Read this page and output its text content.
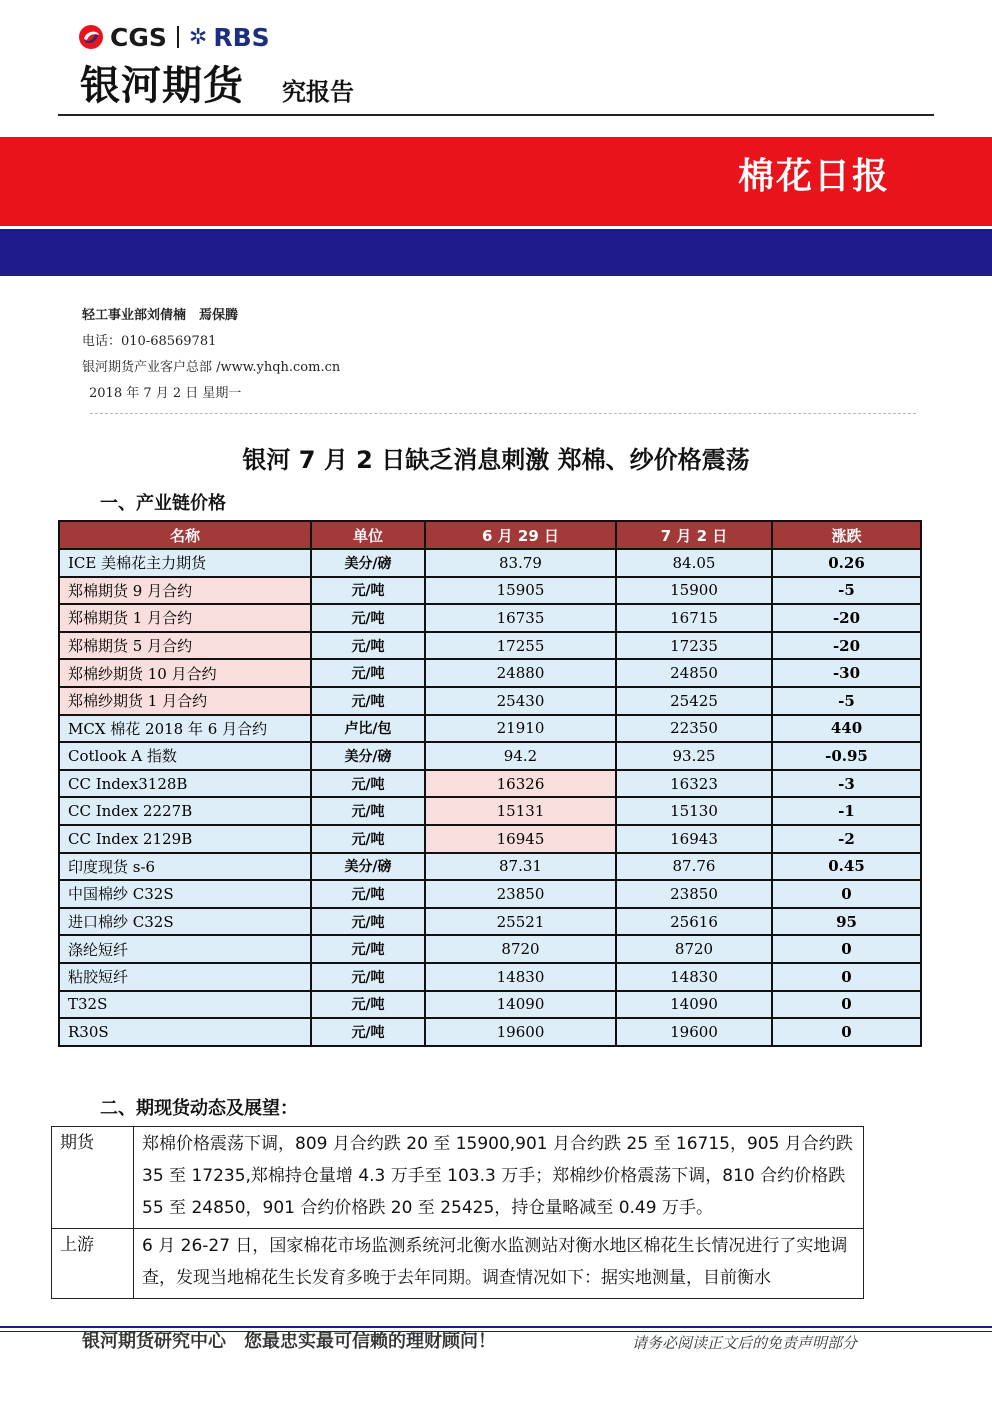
CGS ✲ RBS
银河期货 究报告
棉花日报
轻工事业部刘倩楠　焉保腾
电话：010-68569781
银河期货产业客户总部 /www.yhqh.com.cn
2018 年 7 月 2 日 星期一
银河 7 月 2 日缺乏消息刺激 郑棉、纱价格震荡
一、产业链价格
名称	单位	6 月 29 日	7 月 2 日	涨跌
ICE 美棉花主力期货	美分/磅	83.79	84.05	0.26
郑棉期货 9 月合约	元/吨	15905	15900	-5
郑棉期货 1 月合约	元/吨	16735	16715	-20
郑棉期货 5 月合约	元/吨	17255	17235	-20
郑棉纱期货 10 月合约	元/吨	24880	24850	-30
郑棉纱期货 1 月合约	元/吨	25430	25425	-5
MCX 棉花 2018 年 6 月合约	卢比/包	21910	22350	440
Cotlook A 指数	美分/磅	94.2	93.25	-0.95
CC Index3128B	元/吨	16326	16323	-3
CC Index 2227B	元/吨	15131	15130	-1
CC Index 2129B	元/吨	16945	16943	-2
印度现货 s-6	美分/磅	87.31	87.76	0.45
中国棉纱 C32S	元/吨	23850	23850	0
进口棉纱 C32S	元/吨	25521	25616	95
涤纶短纤	元/吨	8720	8720	0
粘胶短纤	元/吨	14830	14830	0
T32S	元/吨	14090	14090	0
R30S	元/吨	19600	19600	0
二、期现货动态及展望：
期货	郑棉价格震荡下调，809 月合约跌 20 至 15900,901 月合约跌 25 至 16715，905 月合约跌 35 至 17235,郑棉持仓量增 4.3 万手至 103.3 万手；郑棉纱价格震荡下调，810 合约价格跌 55 至 24850，901 合约价格跌 20 至 25425，持仓量略减至 0.49 万手。
上游	6 月 26-27 日，国家棉花市场监测系统河北衡水监测站对衡水地区棉花生长情况进行了实地调查，发现当地棉花生长发育多晚于去年同期。调查情况如下：据实地测量，目前衡水
银河期货研究中心　您最忠实最可信赖的理财顾问！	请务必阅读正文后的免责声明部分
